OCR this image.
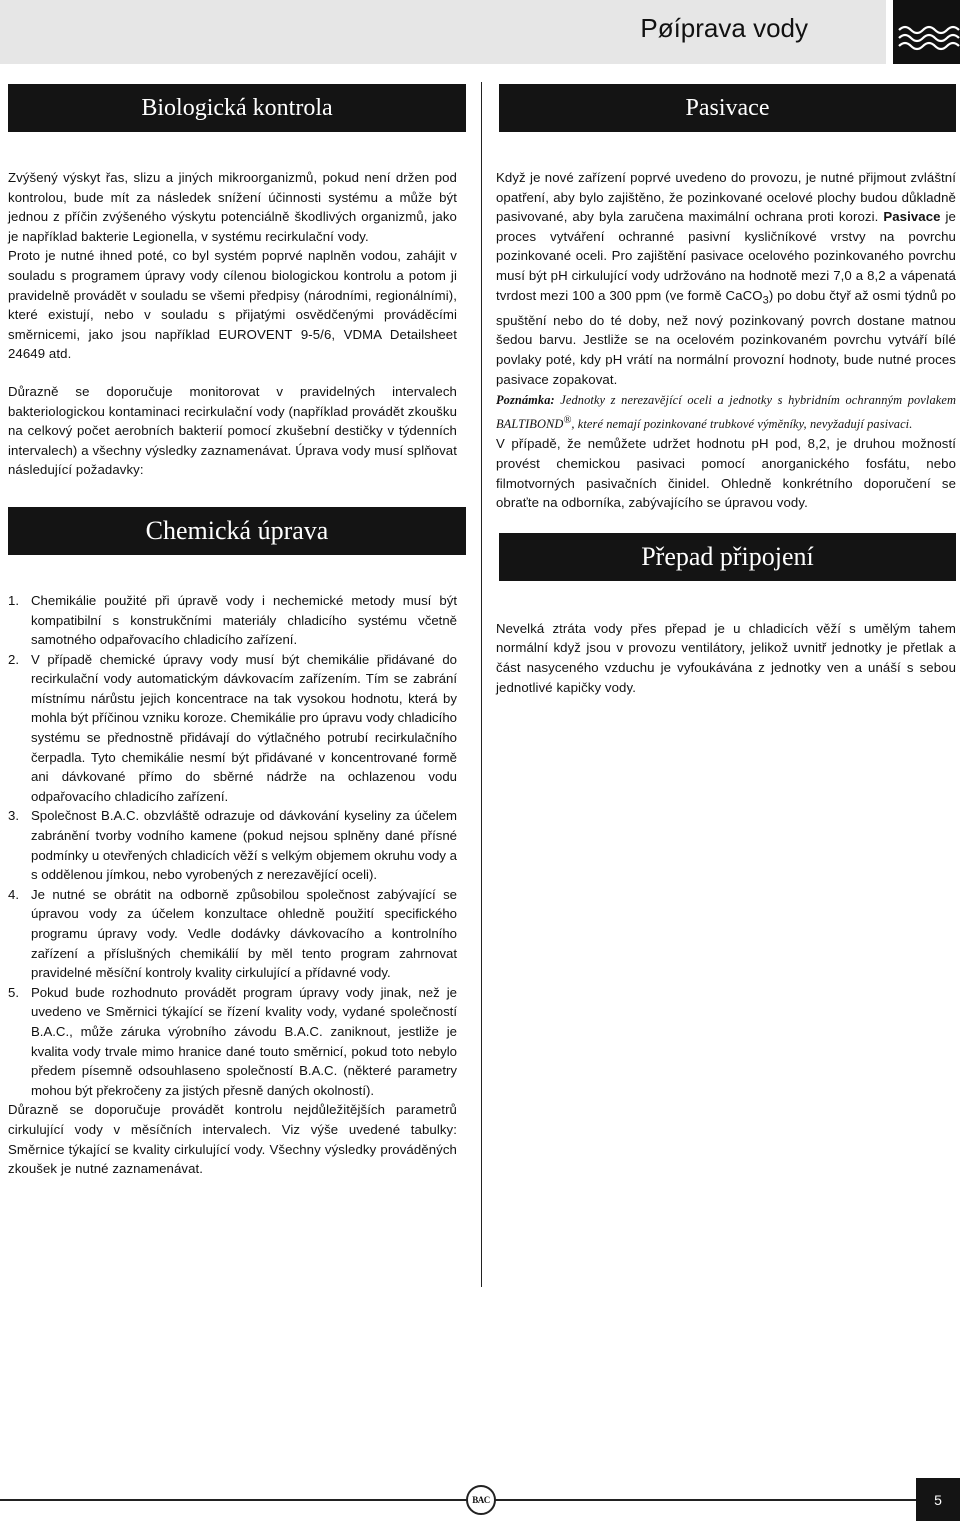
Pøíprava vody
Biologická kontrola

Zvýšený výskyt řas, slizu a jiných mikroorganizmů, pokud není držen pod kontrolou, bude mít za následek snížení účinnosti systému a může být jednou z příčin zvýšeného výskytu potenciálně škodlivých organizmů, jako je například bakterie Legionella, v systému recirkulační vody.

Proto je nutné ihned poté, co byl systém poprvé naplněn vodou, zahájit v souladu s programem úpravy vody cílenou biologickou kontrolu a potom ji pravidelně provádět v souladu se všemi předpisy (národními, regionálními), které existují, nebo v souladu s přijatými osvědčenými prováděcími směrnicemi, jako jsou například EUROVENT 9-5/6, VDMA Detailsheet 24649 atd.

Důrazně se doporučuje monitorovat v pravidelných intervalech bakteriologickou kontaminaci recirkulační vody (například provádět zkoušku na celkový počet aerobních bakterií pomocí zkušební destičky v týdenních intervalech) a všechny výsledky zaznamenávat. Úprava vody musí splňovat následující požadavky:

Chemická úprava
1. Chemikálie použité při úpravě vody i nechemické metody musí být kompatibilní s konstrukčními materiály chladicího systému včetně samotného odpařovacího chladicího zařízení.
2. V případě chemické úpravy vody musí být chemikálie přidávané do recirkulační vody automatickým dávkovacím zařízením. Tím se zabrání místnímu nárůstu jejich koncentrace na tak vysokou hodnotu, která by mohla být příčinou vzniku koroze. Chemikálie pro úpravu vody chladicího systému se přednostně přidávají do výtlačného potrubí recirkulačního čerpadla. Tyto chemikálie nesmí být přidávané v koncentrované formě ani dávkované přímo do sběrné nádrže na ochlazenou vodu odpařovacího chladicího zařízení.
3. Společnost B.A.C. obzvláště odrazuje od dávkování kyseliny za účelem zabránění tvorby vodního kamene (pokud nejsou splněny dané přísné podmínky u otevřených chladicích věží s velkým objemem okruhu vody a s oddělenou jímkou, nebo vyrobených z nerezavějící oceli).
4. Je nutné se obrátit na odborně způsobilou společnost zabývající se úpravou vody za účelem konzultace ohledně použití specifického programu úpravy vody. Vedle dodávky dávkovacího a kontrolního zařízení a příslušných chemikálií by měl tento program zahrnovat pravidelné měsíční kontroly kvality cirkulující a přídavné vody.
5. Pokud bude rozhodnuto provádět program úpravy vody jinak, než je uvedeno ve Směrnici týkající se řízení kvality vody, vydané společností B.A.C., může záruka výrobního závodu B.A.C. zaniknout, jestliže je kvalita vody trvale mimo hranice dané touto směrnicí, pokud toto nebylo předem písemně odsouhlaseno společností B.A.C. (některé parametry mohou být překročeny za jistých přesně daných okolností).

Důrazně se doporučuje provádět kontrolu nejdůležitějších parametrů cirkulující vody v měsíčních intervalech. Viz výše uvedené tabulky: Směrnice týkající se kvality cirkulující vody. Všechny výsledky prováděných zkoušek je nutné zaznamenávat.

Pasivace

Když je nové zařízení poprvé uvedeno do provozu, je nutné přijmout zvláštní opatření, aby bylo zajištěno, že pozinkované ocelové plochy budou důkladně pasivované, aby byla zaručena maximální ochrana proti korozi. Pasivace je proces vytváření ochranné pasivní kysličníkové vrstvy na povrchu pozinkované oceli. Pro zajištění pasivace ocelového pozinkovaného povrchu musí být pH cirkulující vody udržováno na hodnotě mezi 7,0 a 8,2 a vápenatá tvrdost mezi 100 a 300 ppm (ve formě CaCO$_3$) po dobu čtyř až osmi týdnů po spuštění nebo do té doby, než nový pozinkovaný povrch dostane matnou šedou barvu. Jestliže se na ocelovém pozinkovaném povrchu vytváří bílé povlaky poté, kdy pH vrátí na normální provozní hodnoty, bude nutné proces pasivace zopakovat.

Poznámka: Jednotky z nerezavějící oceli a jednotky s hybridním ochranným povlakem BALTIBOND®, které nemají pozinkované trubkové výměníky, nevyžadují pasivaci.

V případě, že nemůžete udržet hodnotu pH pod, 8,2, je druhou možností provést chemickou pasivaci pomocí anorganického fosfátu, nebo filmotvorných pasivačních činidel. Ohledně konkrétního doporučení se obraťte na odborníka, zabývajícího se úpravou vody.

Přepad připojení

Nevelká ztráta vody přes přepad je u chladicích věží s umělým tahem normální když jsou v provozu ventilátory, jelikož uvnitř jednotky je přetlak a část nasyceného vzduchu je vyfoukávána z jednotky ven a unáší s sebou jednotlivé kapičky vody.

BAC	5
